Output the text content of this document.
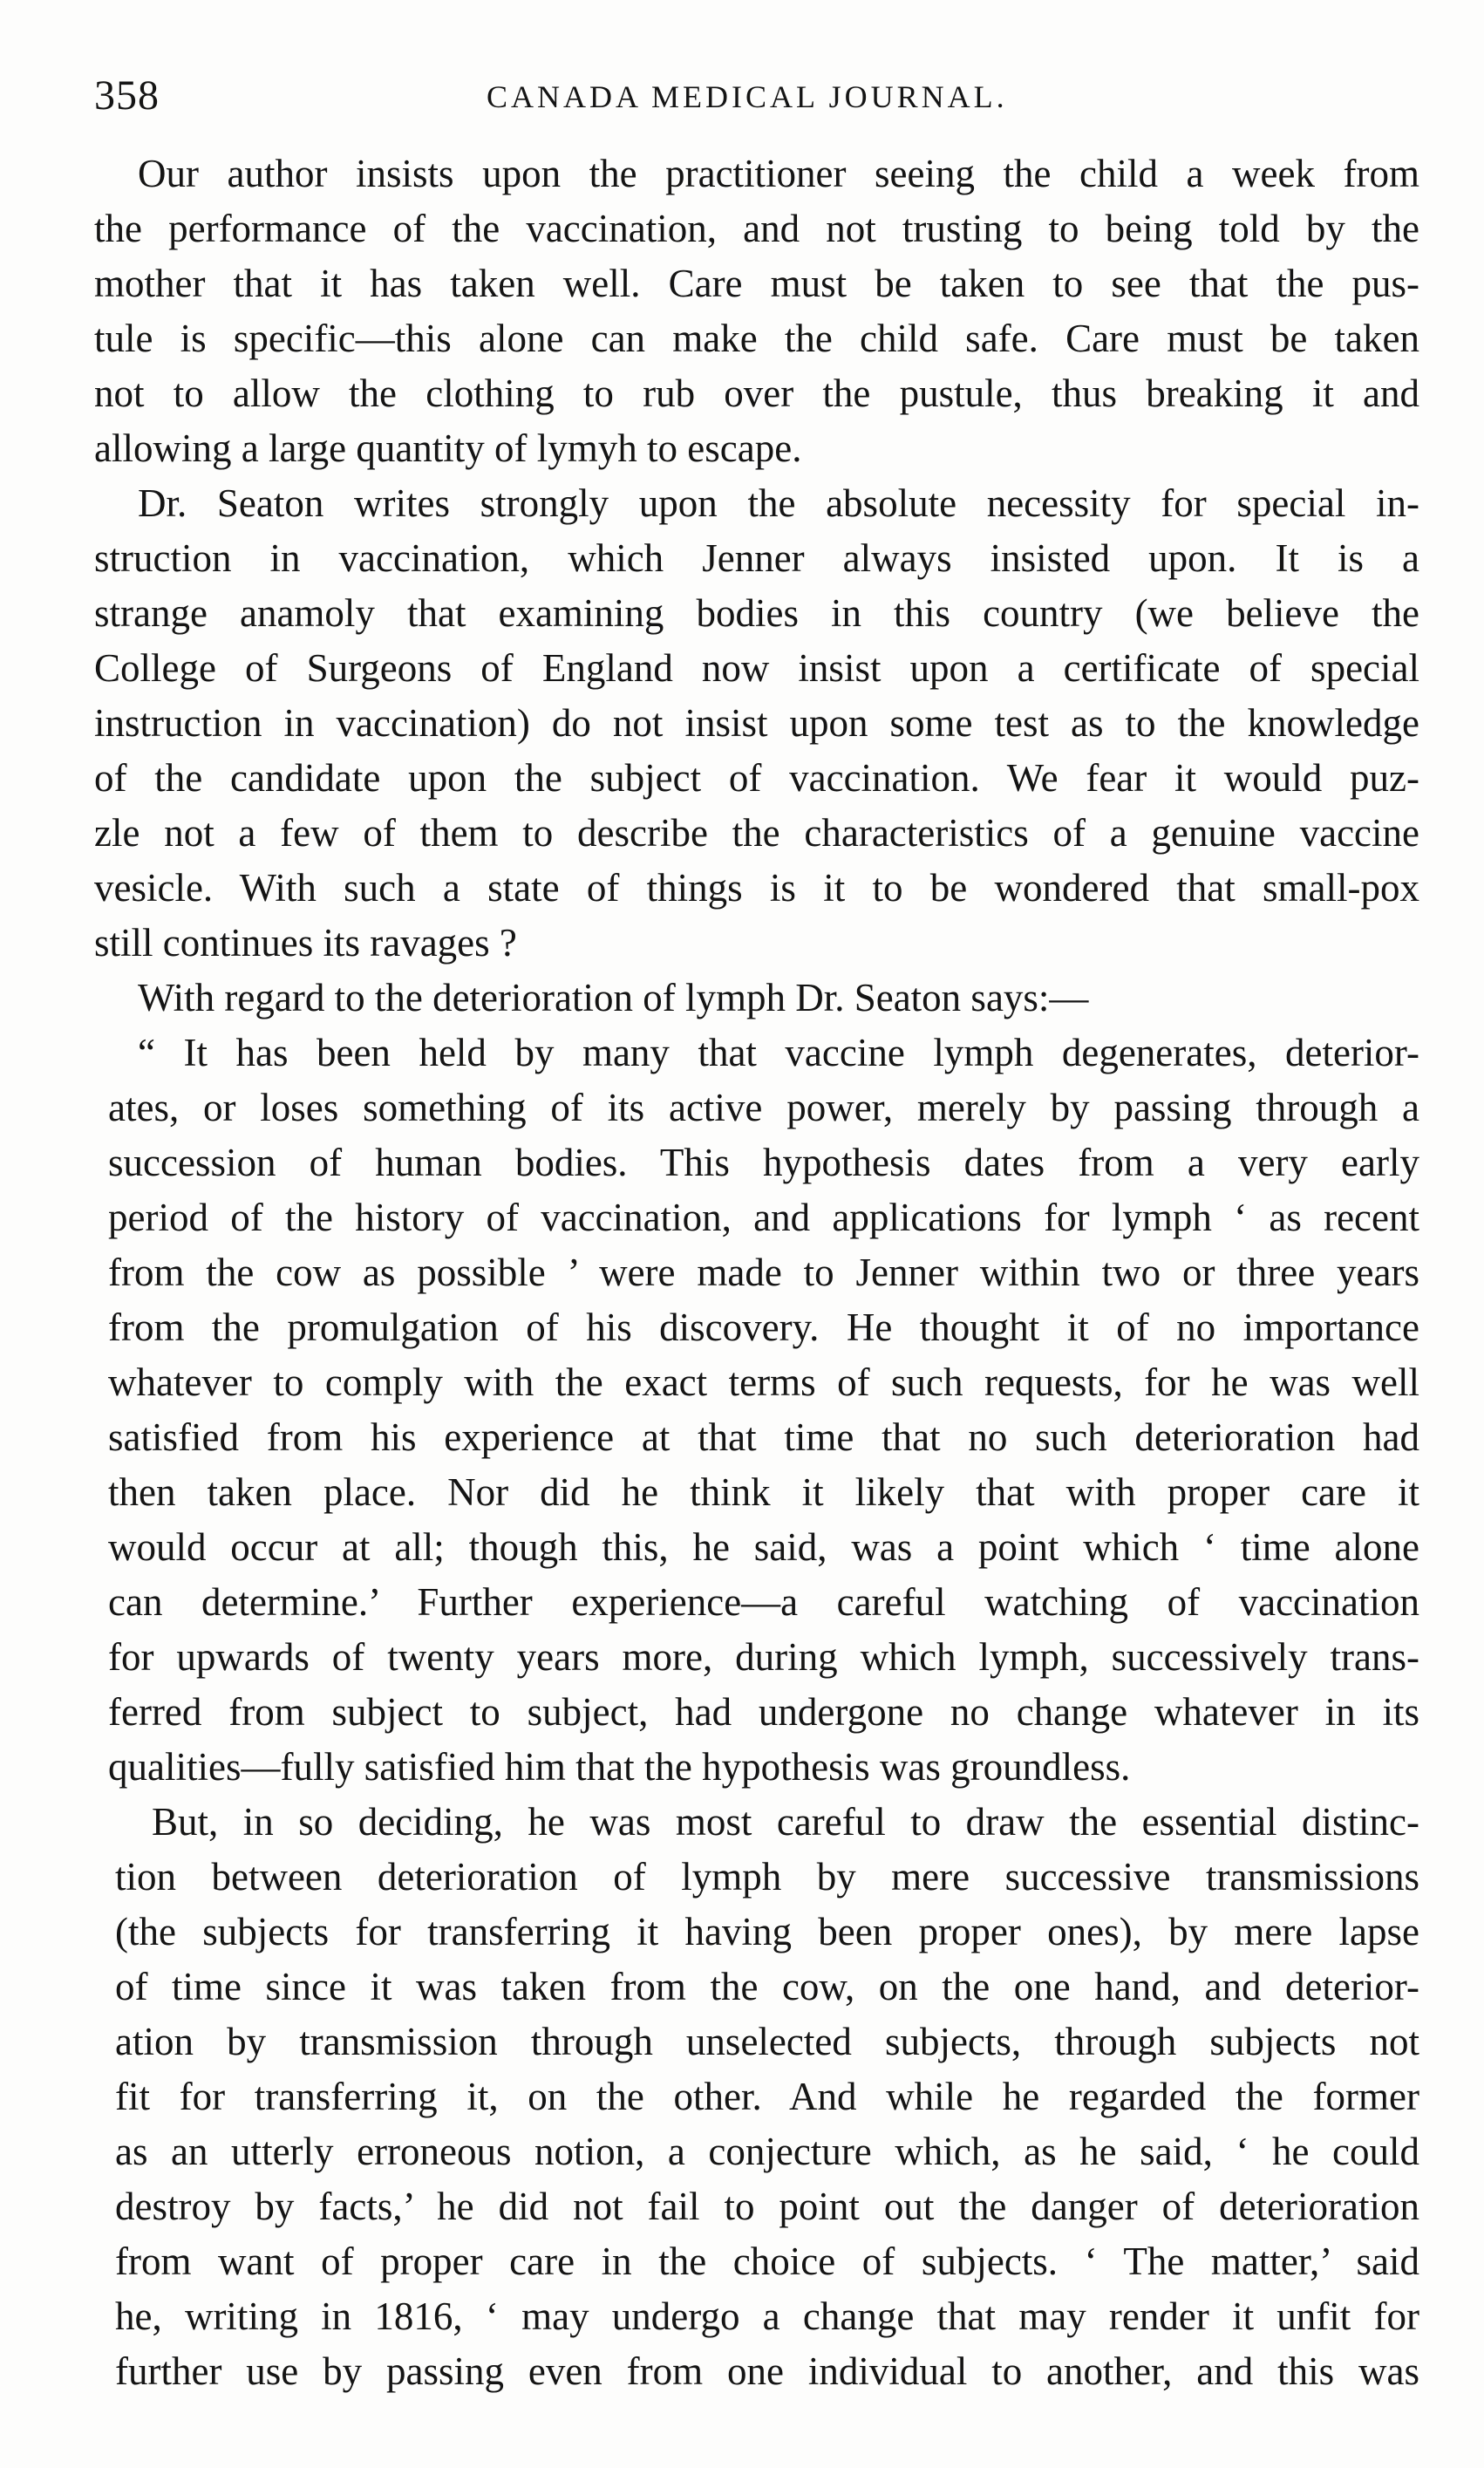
358	CANADA MEDICAL JOURNAL.
Our author insists upon the practitioner seeing the child a week from
the performance of the vaccination, and not trusting to being told by the
mother that it has taken well. Care must be taken to see that the pus-
tule is specific—this alone can make the child safe. Care must be taken
not to allow the clothing to rub over the pustule, thus breaking it and
allowing a large quantity of lymyh to escape.
Dr. Seaton writes strongly upon the absolute necessity for special in-
struction in vaccination, which Jenner always insisted upon. It is a
strange anamoly that examining bodies in this country (we believe the
College of Surgeons of England now insist upon a certificate of special
instruction in vaccination) do not insist upon some test as to the knowledge
of the candidate upon the subject of vaccination. We fear it would puz-
zle not a few of them to describe the characteristics of a genuine vaccine
vesicle. With such a state of things is it to be wondered that small-pox
still continues its ravages ?
With regard to the deterioration of lymph Dr. Seaton says:—
“ It has been held by many that vaccine lymph degenerates, deterior-
ates, or loses something of its active power, merely by passing through a
succession of human bodies. This hypothesis dates from a very early
period of the history of vaccination, and applications for lymph ‘ as recent
from the cow as possible ’ were made to Jenner within two or three years
from the promulgation of his discovery. He thought it of no importance
whatever to comply with the exact terms of such requests, for he was well
satisfied from his experience at that time that no such deterioration had
then taken place. Nor did he think it likely that with proper care it
would occur at all; though this, he said, was a point which ‘ time alone
can determine.’ Further experience—a careful watching of vaccination
for upwards of twenty years more, during which lymph, successively trans-
ferred from subject to subject, had undergone no change whatever in its
qualities—fully satisfied him that the hypothesis was groundless.
But, in so deciding, he was most careful to draw the essential distinc-
tion between deterioration of lymph by mere successive transmissions
(the subjects for transferring it having been proper ones), by mere lapse
of time since it was taken from the cow, on the one hand, and deterior-
ation by transmission through unselected subjects, through subjects not
fit for transferring it, on the other. And while he regarded the former
as an utterly erroneous notion, a conjecture which, as he said, ‘ he could
destroy by facts,’ he did not fail to point out the danger of deterioration
from want of proper care in the choice of subjects. ‘ The matter,’ said
he, writing in 1816, ‘ may undergo a change that may render it unfit for
further use by passing even from one individual to another, and this was
